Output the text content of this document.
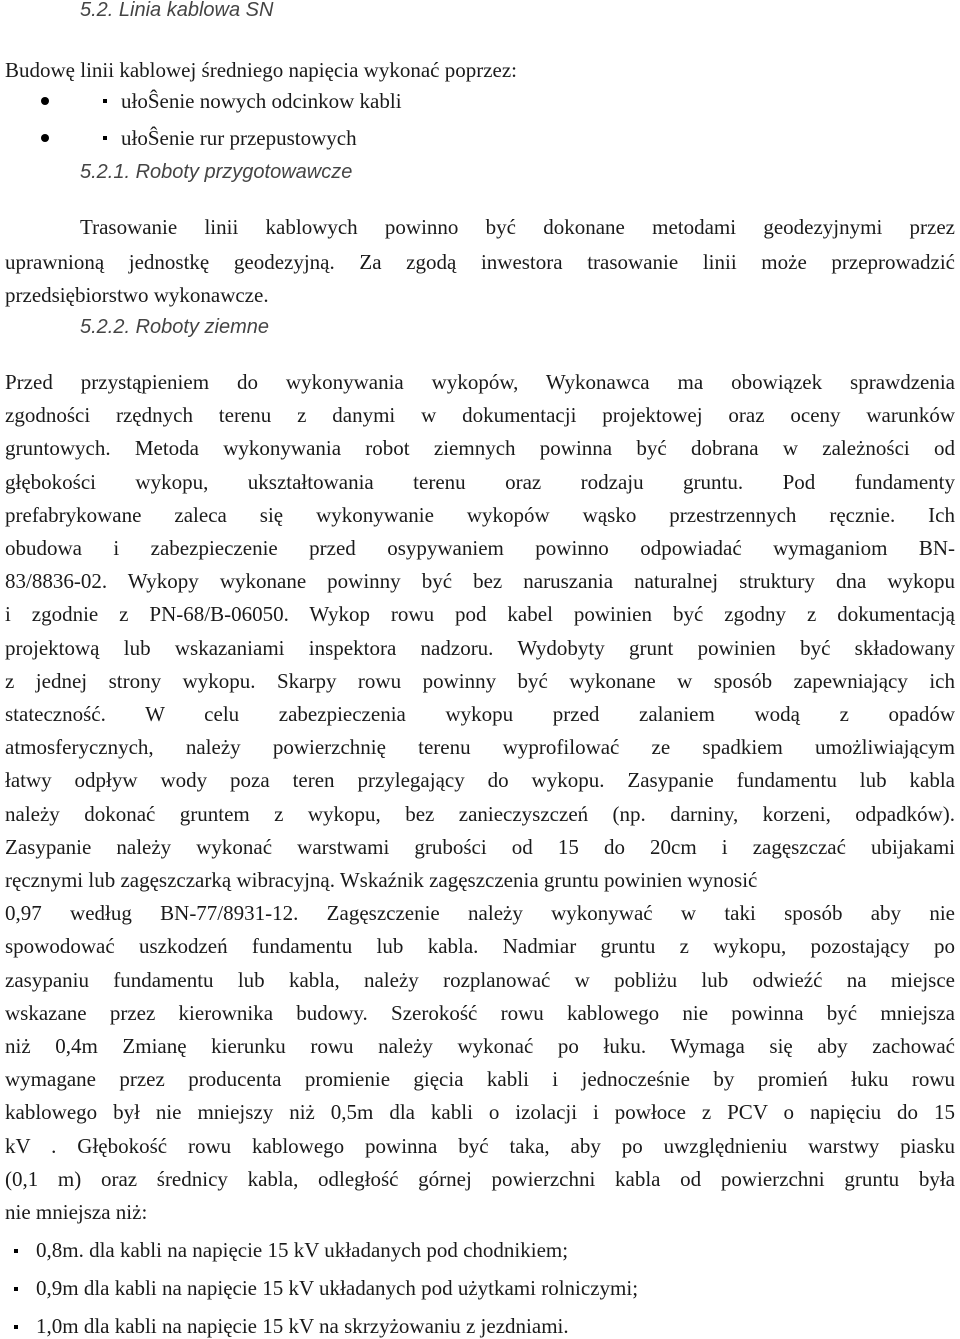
5.2. Linia kablowa SN
Budowę linii kablowej średniego napięcia wykonać poprzez:
ułoŜenie nowych odcinkow kabli
ułoŜenie rur przepustowych
5.2.1. Roboty przygotowawcze
Trasowanie linii kablowych powinno być dokonane metodami geodezyjnymi przez
uprawnioną jednostkę geodezyjną. Za zgodą inwestora trasowanie linii może przeprowadzić
przedsiębiorstwo wykonawcze.
5.2.2. Roboty ziemne
Przed przystąpieniem do wykonywania wykopów, Wykonawca ma obowiązek sprawdzenia
zgodności rzędnych terenu z danymi w dokumentacji projektowej oraz oceny warunków
gruntowych. Metoda wykonywania robot ziemnych powinna być dobrana w zależności od
głębokości wykopu, ukształtowania terenu oraz rodzaju gruntu. Pod fundamenty
prefabrykowane zaleca się wykonywanie wykopów wąsko przestrzennych ręcznie. Ich
obudowa i zabezpieczenie przed osypywaniem powinno odpowiadać wymaganiom BN-
83/8836-02. Wykopy wykonane powinny być bez naruszania naturalnej struktury dna wykopu
i zgodnie z PN-68/B-06050. Wykop rowu pod kabel powinien być zgodny z dokumentacją
projektową lub wskazaniami inspektora nadzoru. Wydobyty grunt powinien być składowany
z jednej strony wykopu. Skarpy rowu powinny być wykonane w sposób zapewniający ich
stateczność. W celu zabezpieczenia wykopu przed zalaniem wodą z opadów
atmosferycznych, należy powierzchnię terenu wyprofilować ze spadkiem umożliwiającym
łatwy odpływ wody poza teren przylegający do wykopu. Zasypanie fundamentu lub kabla
należy dokonać gruntem z wykopu, bez zanieczyszczeń (np. darniny, korzeni, odpadków).
Zasypanie należy wykonać warstwami grubości od 15 do 20cm i zagęszczać ubijakami
ręcznymi lub zagęszczarką wibracyjną. Wskaźnik zagęszczenia gruntu powinien wynosić
0,97 według BN-77/8931-12. Zagęszczenie należy wykonywać w taki sposób aby nie
spowodować uszkodzeń fundamentu lub kabla. Nadmiar gruntu z wykopu, pozostający po
zasypaniu fundamentu lub kabla, należy rozplanować w pobliżu lub odwieźć na miejsce
wskazane przez kierownika budowy. Szerokość rowu kablowego nie powinna być mniejsza
niż 0,4m Zmianę kierunku rowu należy wykonać po łuku. Wymaga się aby zachować
wymagane przez producenta promienie gięcia kabli i jednocześnie by promień łuku rowu
kablowego był nie mniejszy niż 0,5m dla kabli o izolacji i powłoce z PCV o napięciu do 15
kV . Głębokość rowu kablowego powinna być taka, aby po uwzględnieniu warstwy piasku
(0,1 m) oraz średnicy kabla, odległość górnej powierzchni kabla od powierzchni gruntu była
nie mniejsza niż:
0,8m. dla kabli na napięcie 15 kV układanych pod chodnikiem;
0,9m dla kabli na napięcie 15 kV układanych pod użytkami rolniczymi;
1,0m dla kabli na napięcie 15 kV na skrzyżowaniu z jezdniami.
